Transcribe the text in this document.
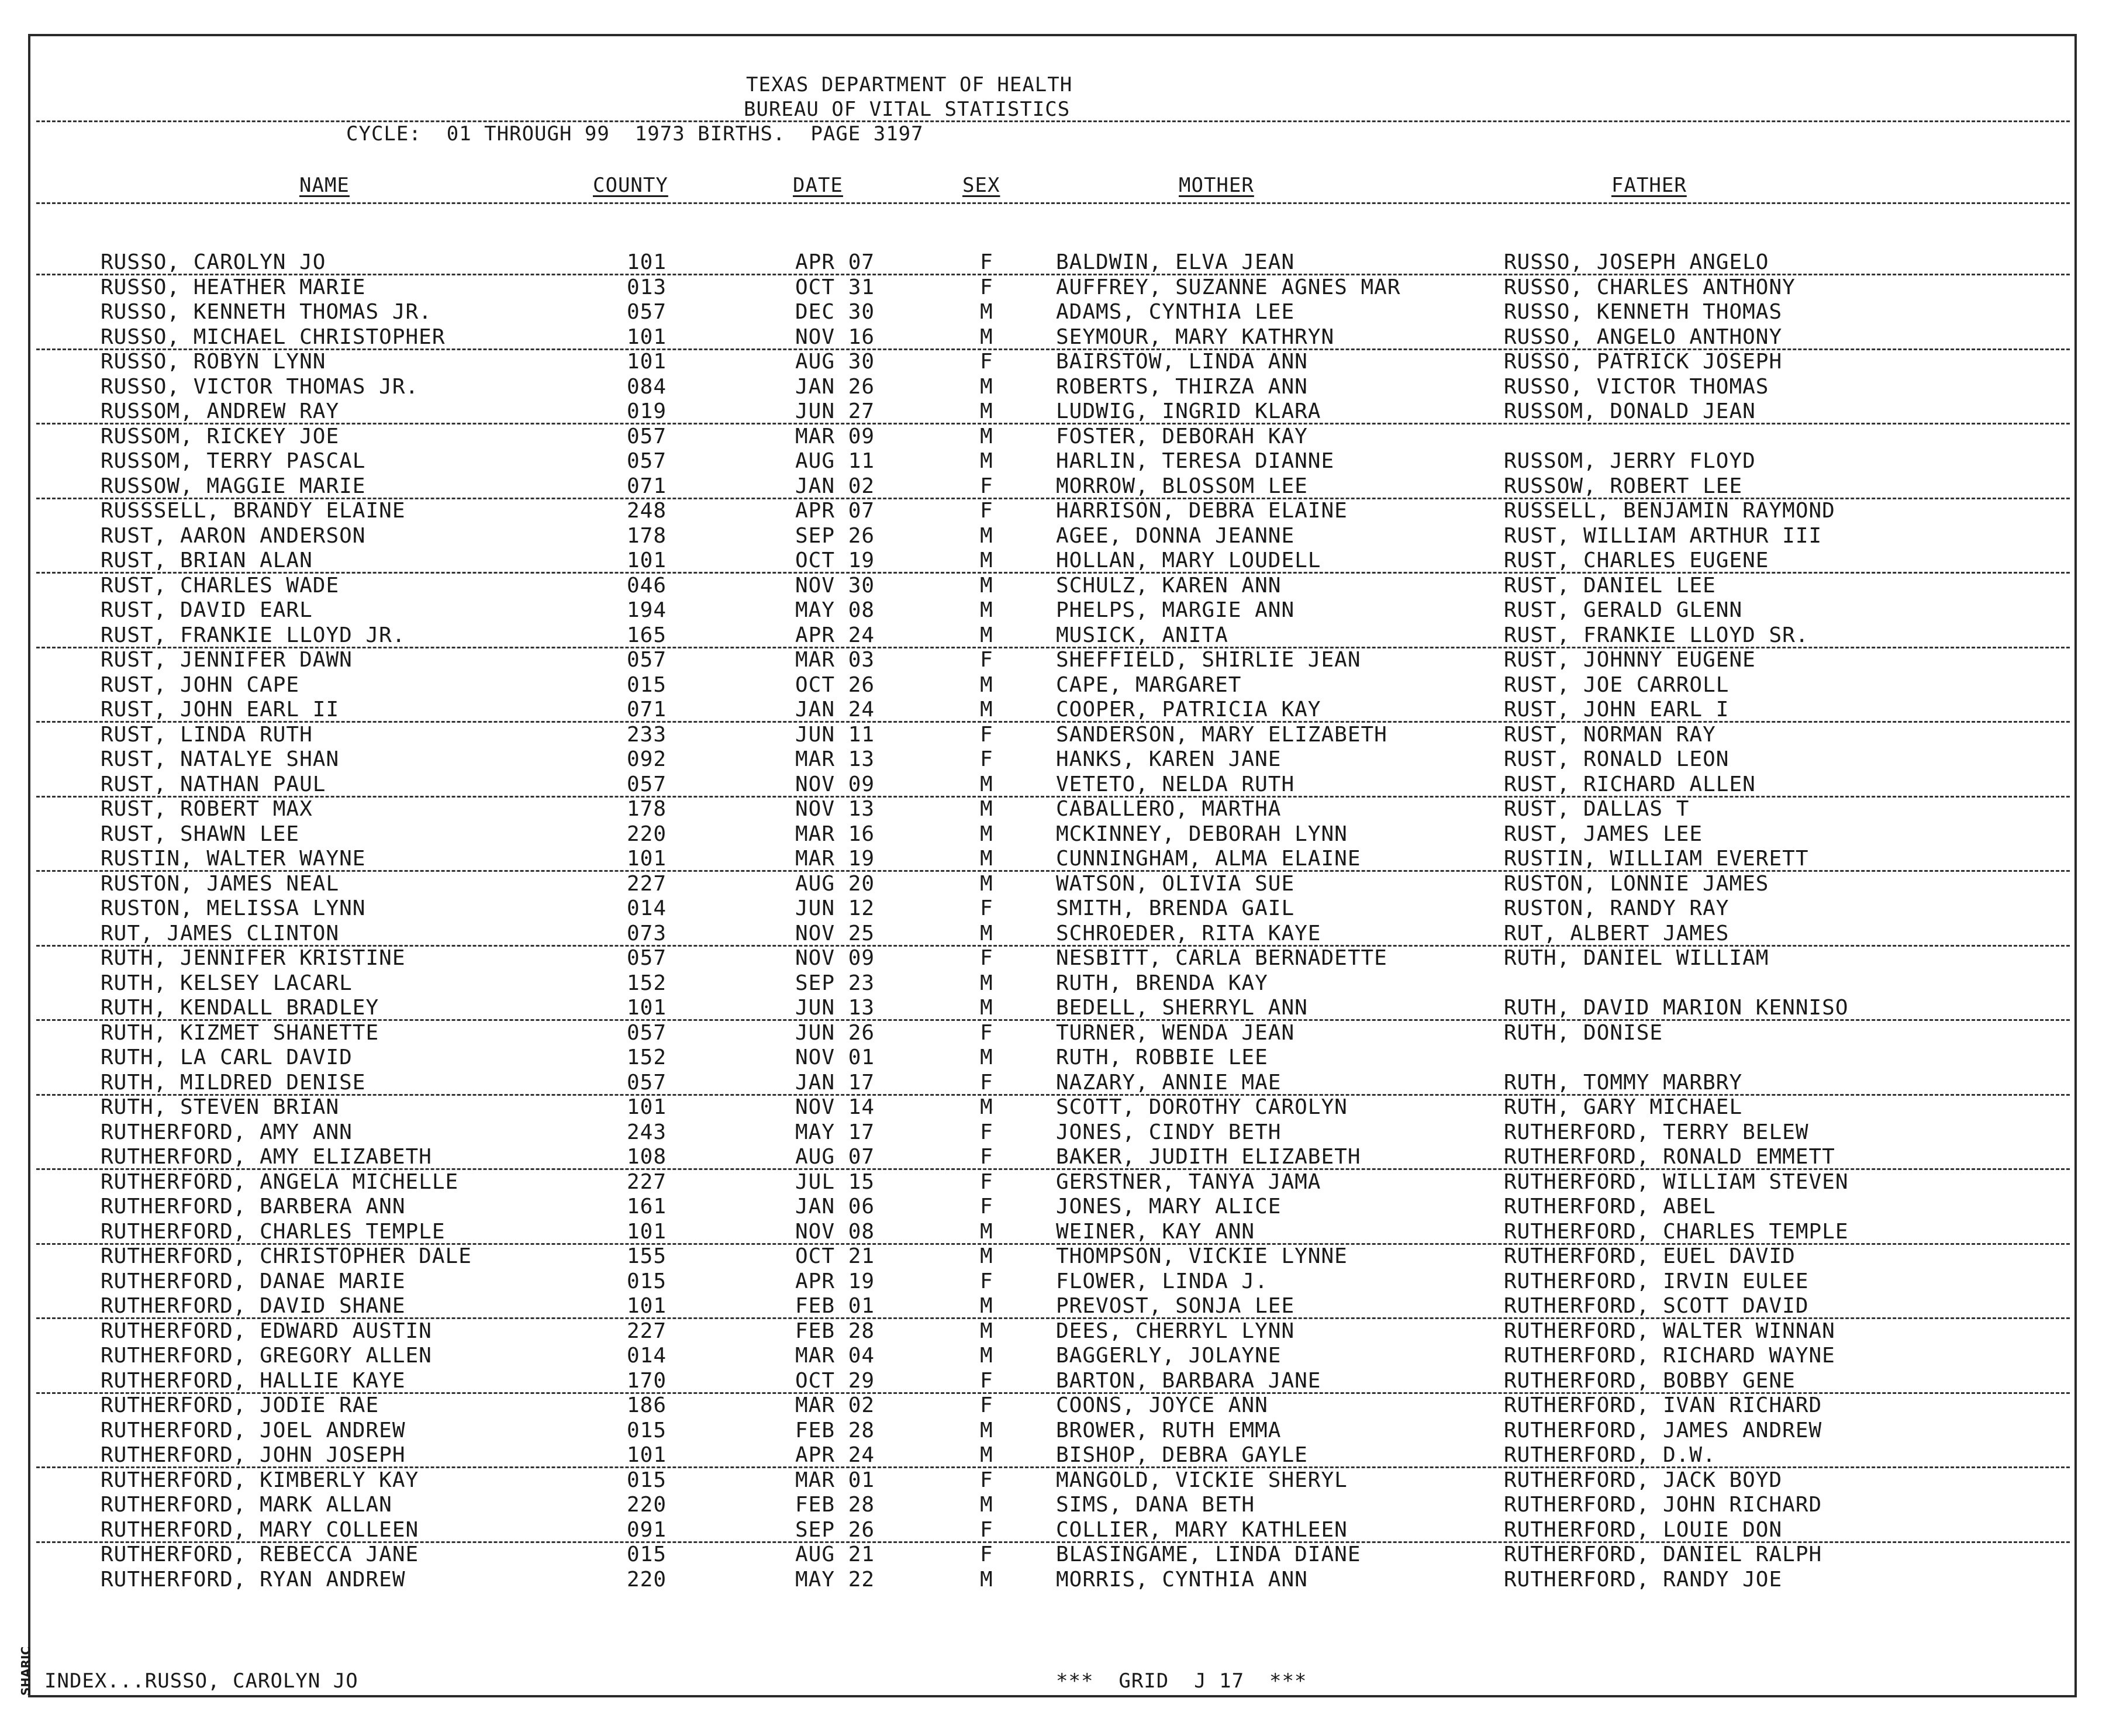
TEXAS DEPARTMENT OF HEALTH
BUREAU OF VITAL STATISTICS
CYCLE:  01 THROUGH 99  1973 BIRTHS.  PAGE 3197
NAME	COUNTY	DATE	SEX	MOTHER	FATHER
RUSSO, CAROLYN JO	101	APR 07	F	BALDWIN, ELVA JEAN	RUSSO, JOSEPH ANGELO
RUSSO, HEATHER MARIE	013	OCT 31	F	AUFFREY, SUZANNE AGNES MAR	RUSSO, CHARLES ANTHONY
RUSSO, KENNETH THOMAS JR.	057	DEC 30	M	ADAMS, CYNTHIA LEE	RUSSO, KENNETH THOMAS
RUSSO, MICHAEL CHRISTOPHER	101	NOV 16	M	SEYMOUR, MARY KATHRYN	RUSSO, ANGELO ANTHONY
RUSSO, ROBYN LYNN	101	AUG 30	F	BAIRSTOW, LINDA ANN	RUSSO, PATRICK JOSEPH
RUSSO, VICTOR THOMAS JR.	084	JAN 26	M	ROBERTS, THIRZA ANN	RUSSO, VICTOR THOMAS
RUSSOM, ANDREW RAY	019	JUN 27	M	LUDWIG, INGRID KLARA	RUSSOM, DONALD JEAN
RUSSOM, RICKEY JOE	057	MAR 09	M	FOSTER, DEBORAH KAY
RUSSOM, TERRY PASCAL	057	AUG 11	M	HARLIN, TERESA DIANNE	RUSSOM, JERRY FLOYD
RUSSOW, MAGGIE MARIE	071	JAN 02	F	MORROW, BLOSSOM LEE	RUSSOW, ROBERT LEE
RUSSSELL, BRANDY ELAINE	248	APR 07	F	HARRISON, DEBRA ELAINE	RUSSELL, BENJAMIN RAYMOND
RUST, AARON ANDERSON	178	SEP 26	M	AGEE, DONNA JEANNE	RUST, WILLIAM ARTHUR III
RUST, BRIAN ALAN	101	OCT 19	M	HOLLAN, MARY LOUDELL	RUST, CHARLES EUGENE
RUST, CHARLES WADE	046	NOV 30	M	SCHULZ, KAREN ANN	RUST, DANIEL LEE
RUST, DAVID EARL	194	MAY 08	M	PHELPS, MARGIE ANN	RUST, GERALD GLENN
RUST, FRANKIE LLOYD JR.	165	APR 24	M	MUSICK, ANITA	RUST, FRANKIE LLOYD SR.
RUST, JENNIFER DAWN	057	MAR 03	F	SHEFFIELD, SHIRLIE JEAN	RUST, JOHNNY EUGENE
RUST, JOHN CAPE	015	OCT 26	M	CAPE, MARGARET	RUST, JOE CARROLL
RUST, JOHN EARL II	071	JAN 24	M	COOPER, PATRICIA KAY	RUST, JOHN EARL I
RUST, LINDA RUTH	233	JUN 11	F	SANDERSON, MARY ELIZABETH	RUST, NORMAN RAY
RUST, NATALYE SHAN	092	MAR 13	F	HANKS, KAREN JANE	RUST, RONALD LEON
RUST, NATHAN PAUL	057	NOV 09	M	VETETO, NELDA RUTH	RUST, RICHARD ALLEN
RUST, ROBERT MAX	178	NOV 13	M	CABALLERO, MARTHA	RUST, DALLAS T
RUST, SHAWN LEE	220	MAR 16	M	MCKINNEY, DEBORAH LYNN	RUST, JAMES LEE
RUSTIN, WALTER WAYNE	101	MAR 19	M	CUNNINGHAM, ALMA ELAINE	RUSTIN, WILLIAM EVERETT
RUSTON, JAMES NEAL	227	AUG 20	M	WATSON, OLIVIA SUE	RUSTON, LONNIE JAMES
RUSTON, MELISSA LYNN	014	JUN 12	F	SMITH, BRENDA GAIL	RUSTON, RANDY RAY
RUT, JAMES CLINTON	073	NOV 25	M	SCHROEDER, RITA KAYE	RUT, ALBERT JAMES
RUTH, JENNIFER KRISTINE	057	NOV 09	F	NESBITT, CARLA BERNADETTE	RUTH, DANIEL WILLIAM
RUTH, KELSEY LACARL	152	SEP 23	M	RUTH, BRENDA KAY
RUTH, KENDALL BRADLEY	101	JUN 13	M	BEDELL, SHERRYL ANN	RUTH, DAVID MARION KENNISO
RUTH, KIZMET SHANETTE	057	JUN 26	F	TURNER, WENDA JEAN	RUTH, DONISE
RUTH, LA CARL DAVID	152	NOV 01	M	RUTH, ROBBIE LEE
RUTH, MILDRED DENISE	057	JAN 17	F	NAZARY, ANNIE MAE	RUTH, TOMMY MARBRY
RUTH, STEVEN BRIAN	101	NOV 14	M	SCOTT, DOROTHY CAROLYN	RUTH, GARY MICHAEL
RUTHERFORD, AMY ANN	243	MAY 17	F	JONES, CINDY BETH	RUTHERFORD, TERRY BELEW
RUTHERFORD, AMY ELIZABETH	108	AUG 07	F	BAKER, JUDITH ELIZABETH	RUTHERFORD, RONALD EMMETT
RUTHERFORD, ANGELA MICHELLE	227	JUL 15	F	GERSTNER, TANYA JAMA	RUTHERFORD, WILLIAM STEVEN
RUTHERFORD, BARBERA ANN	161	JAN 06	F	JONES, MARY ALICE	RUTHERFORD, ABEL
RUTHERFORD, CHARLES TEMPLE	101	NOV 08	M	WEINER, KAY ANN	RUTHERFORD, CHARLES TEMPLE
RUTHERFORD, CHRISTOPHER DALE	155	OCT 21	M	THOMPSON, VICKIE LYNNE	RUTHERFORD, EUEL DAVID
RUTHERFORD, DANAE MARIE	015	APR 19	F	FLOWER, LINDA J.	RUTHERFORD, IRVIN EULEE
RUTHERFORD, DAVID SHANE	101	FEB 01	M	PREVOST, SONJA LEE	RUTHERFORD, SCOTT DAVID
RUTHERFORD, EDWARD AUSTIN	227	FEB 28	M	DEES, CHERRYL LYNN	RUTHERFORD, WALTER WINNAN
RUTHERFORD, GREGORY ALLEN	014	MAR 04	M	BAGGERLY, JOLAYNE	RUTHERFORD, RICHARD WAYNE
RUTHERFORD, HALLIE KAYE	170	OCT 29	F	BARTON, BARBARA JANE	RUTHERFORD, BOBBY GENE
RUTHERFORD, JODIE RAE	186	MAR 02	F	COONS, JOYCE ANN	RUTHERFORD, IVAN RICHARD
RUTHERFORD, JOEL ANDREW	015	FEB 28	M	BROWER, RUTH EMMA	RUTHERFORD, JAMES ANDREW
RUTHERFORD, JOHN JOSEPH	101	APR 24	M	BISHOP, DEBRA GAYLE	RUTHERFORD, D.W.
RUTHERFORD, KIMBERLY KAY	015	MAR 01	F	MANGOLD, VICKIE SHERYL	RUTHERFORD, JACK BOYD
RUTHERFORD, MARK ALLAN	220	FEB 28	M	SIMS, DANA BETH	RUTHERFORD, JOHN RICHARD
RUTHERFORD, MARY COLLEEN	091	SEP 26	F	COLLIER, MARY KATHLEEN	RUTHERFORD, LOUIE DON
RUTHERFORD, REBECCA JANE	015	AUG 21	F	BLASINGAME, LINDA DIANE	RUTHERFORD, DANIEL RALPH
RUTHERFORD, RYAN ANDREW	220	MAY 22	M	MORRIS, CYNTHIA ANN	RUTHERFORD, RANDY JOE
INDEX...RUSSO, CAROLYN JO	***  GRID  J 17  ***
SHARIC
